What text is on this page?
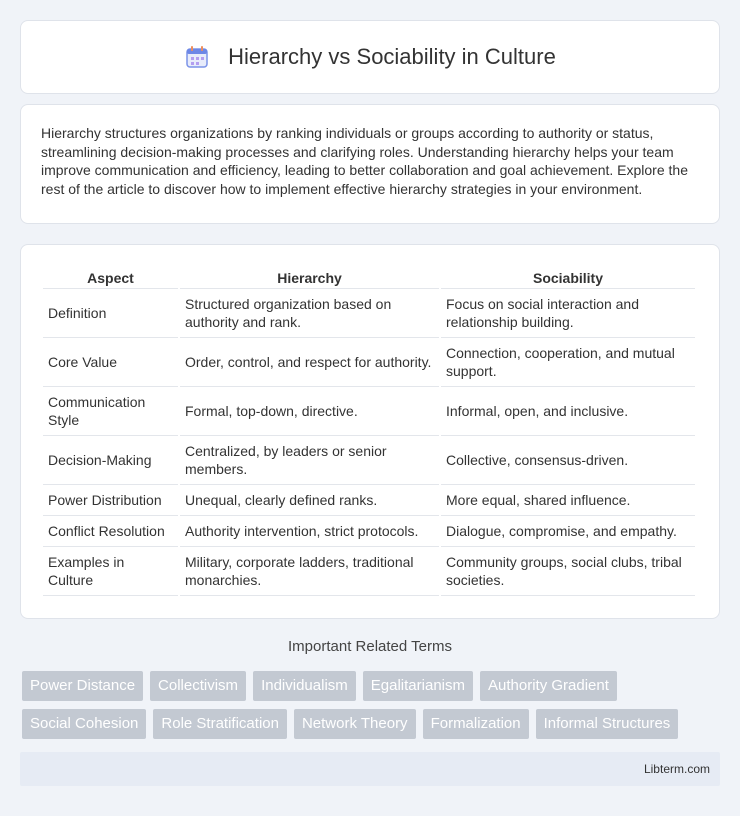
Hierarchy vs Sociability in Culture

Hierarchy structures organizations by ranking individuals or groups according to authority or status, streamlining decision-making processes and clarifying roles. Understanding hierarchy helps your team improve communication and efficiency, leading to better collaboration and goal achievement. Explore the rest of the article to discover how to implement effective hierarchy strategies in your environment.

Aspect	Hierarchy	Sociability
Definition	Structured organization based on authority and rank.	Focus on social interaction and relationship building.
Core Value	Order, control, and respect for authority.	Connection, cooperation, and mutual support.
Communication Style	Formal, top-down, directive.	Informal, open, and inclusive.
Decision-Making	Centralized, by leaders or senior members.	Collective, consensus-driven.
Power Distribution	Unequal, clearly defined ranks.	More equal, shared influence.
Conflict Resolution	Authority intervention, strict protocols.	Dialogue, compromise, and empathy.
Examples in Culture	Military, corporate ladders, traditional monarchies.	Community groups, social clubs, tribal societies.
Important Related Terms
Power Distance	Collectivism	Individualism	Egalitarianism	Authority Gradient
Social Cohesion	Role Stratification	Network Theory	Formalization	Informal Structures
Libterm.com
